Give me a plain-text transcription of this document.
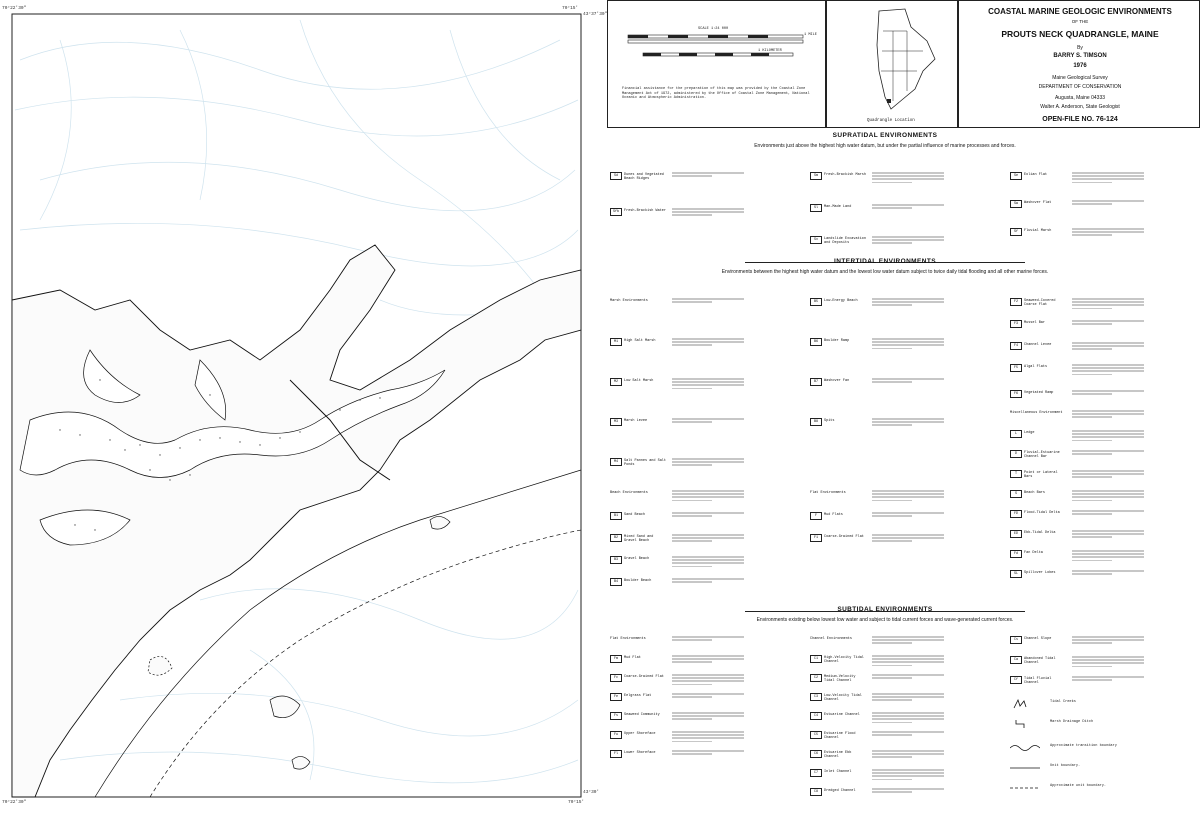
70°22'30"	70°15'
70°22'30"	70°15'
43°37'30"
43°30'
SCALE 1:24 000
1 MILE
1 KILOMETER
Financial assistance for the preparation of this map was provided by the Coastal Zone Management Act of 1972, administered by the Office of Coastal Zone Management, National Oceanic and Atmospheric Administration.
Quadrangle Location
COASTAL MARINE GEOLOGIC ENVIRONMENTS
OF THE
PROUTS NECK QUADRANGLE, MAINE
By
BARRY S. TIMSON
1976
Maine Geological Survey
DEPARTMENT OF CONSERVATION
Augusta, Maine 04333
Walter A. Anderson, State Geologist
OPEN-FILE NO. 76-124
SUPRATIDAL ENVIRONMENTS
Environments just above the highest high water datum, but under the partial influence of marine processes and forces.
Sd	Dunes and Vegetated Beach Ridges
Sfb	Fresh-Brackish Water
Sm	Fresh-Brackish Marsh
Sl	Man-Made Land
Sx	Landslide Excavation and Deposits
Se	Eolian Flat
Sw	Washover Flat
Sf	Fluvial Marsh
INTERTIDAL ENVIRONMENTS
Environments between the highest high water datum and the lowest low water datum subject to twice daily tidal flooding and all other marine forces.
Marsh Environments
M1	High Salt Marsh
M2	Low Salt Marsh
M3	Marsh Levee
M4	Salt Pannes and Salt Ponds
Beach Environments
B1	Sand Beach
B2	Mixed Sand and Gravel Beach
B3	Gravel Beach
B4	Boulder Beach
B5	Low-Energy Beach
B6	Boulder Ramp
B7	Washover Fan
B8	Spits
Flat Environments
F	Mud Flats
F1	Coarse-Grained Flat
F2	Seaweed-Covered Coarse Flat
F3	Mussel Bar
F4	Channel Levee
F5	Algal Flats
F6	Vegetated Ramp
Miscellaneous Environment
L	Ledge
D	Fluvial-Estuarine Channel Bar
T	Point or Lateral Bars
S	Beach Bars
FD	Flood-Tidal Delta
ED	Ebb-Tidal Delta
Fd	Fan Delta
SL	Spillover Lobes
SUBTIDAL ENVIRONMENTS
Environments existing below lowest low water and subject to tidal current forces and wave-generated current forces.
Flat Environments
Fm	Mud Flat
Fc	Coarse-Grained Flat
Fe	Eelgrass Flat
Fs	Seaweed Community
Fu	Upper Shoreface
Fl	Lower Shoreface
Channel Environments
C1	High-Velocity Tidal Channel
C2	Medium-Velocity Tidal Channel
C3	Low-Velocity Tidal Channel
C4	Estuarine Channel
C5	Estuarine Flood Channel
C6	Estuarine Ebb Channel
C7	Inlet Channel
C8	Dredged Channel
Cs	Channel Slope
Ca	Abandoned Tidal Channel
Cf	Tidal Fluvial Channel
Tidal Creeks
Marsh Drainage Ditch
Approximate transition boundary
Unit boundary.
Approximate unit boundary.
